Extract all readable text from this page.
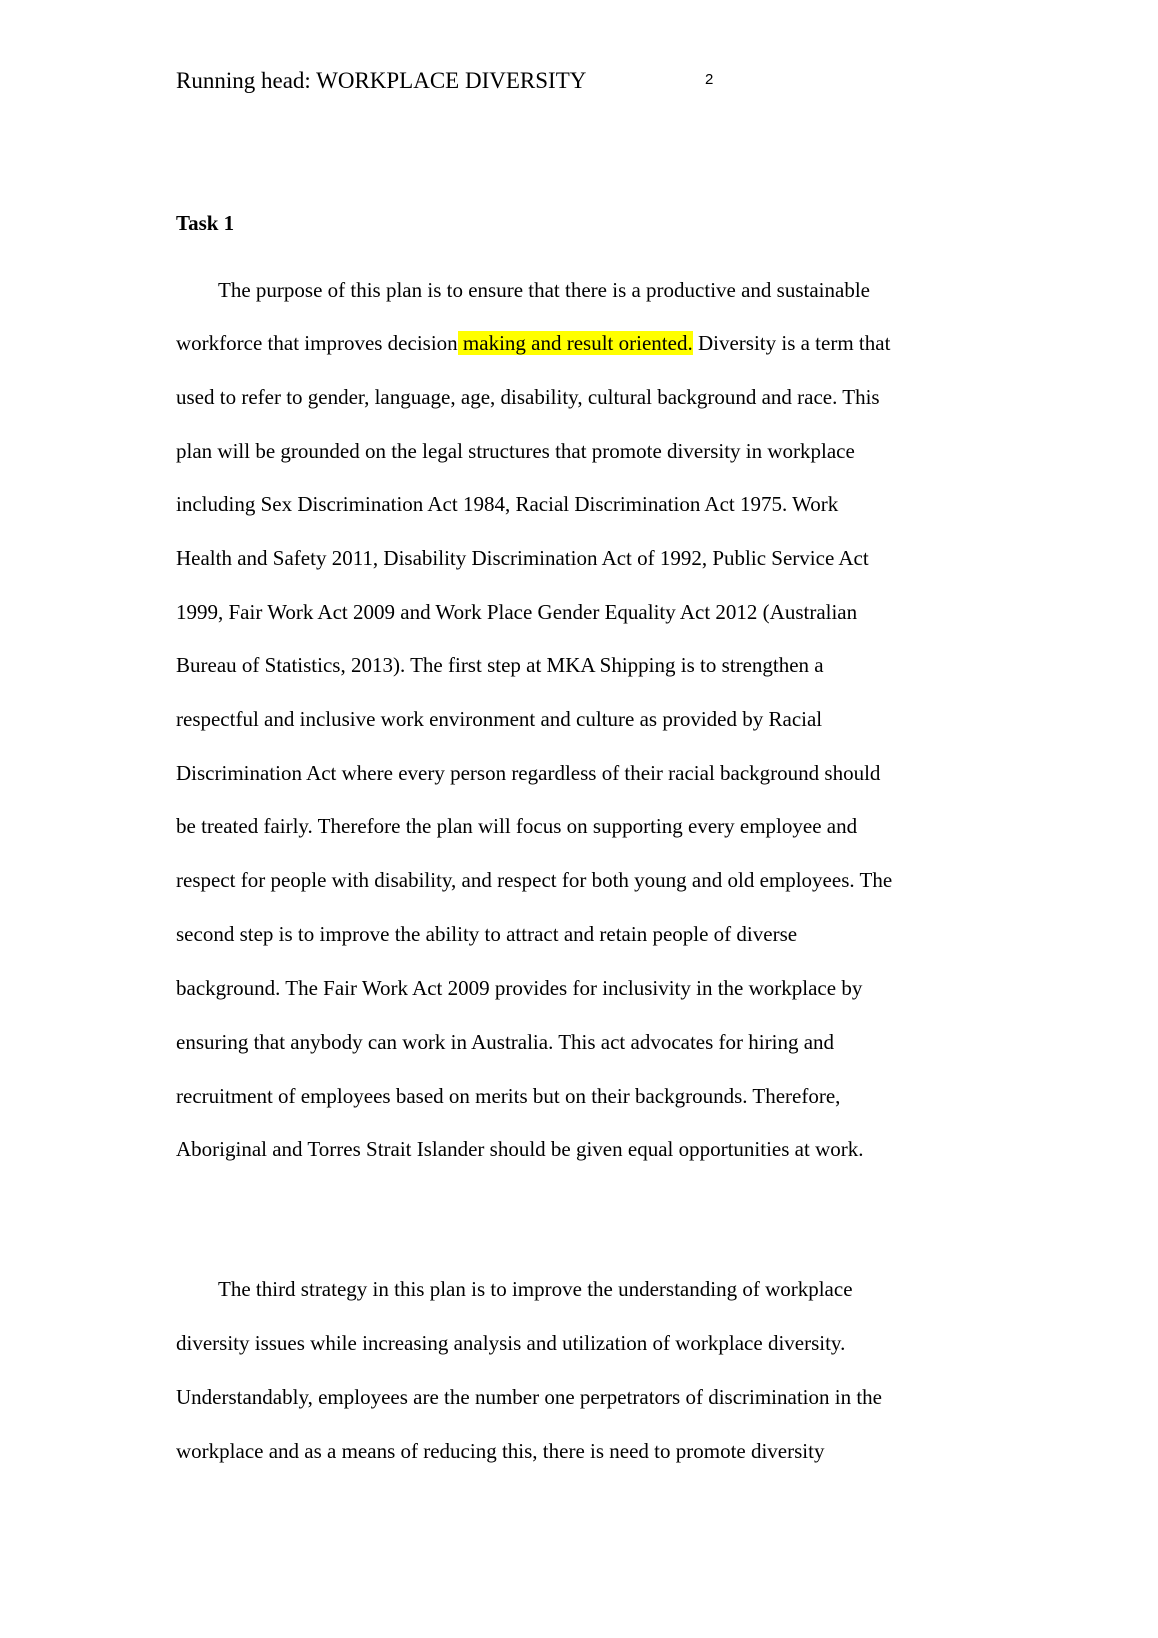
Running head: WORKPLACE DIVERSITY	2
Task 1
The purpose of this plan is to ensure that there is a productive and sustainable
workforce that improves decision making and result oriented. Diversity is a term that
used to refer to gender, language, age, disability, cultural background and race. This
plan will be grounded on the legal structures that promote diversity in workplace
including Sex Discrimination Act 1984, Racial Discrimination Act 1975. Work
Health and Safety 2011, Disability Discrimination Act of 1992, Public Service Act
1999, Fair Work Act 2009 and Work Place Gender Equality Act 2012 (Australian
Bureau of Statistics, 2013). The first step at MKA Shipping is to strengthen a
respectful and inclusive work environment and culture as provided by Racial
Discrimination Act where every person regardless of their racial background should
be treated fairly. Therefore the plan will focus on supporting every employee and
respect for people with disability, and respect for both young and old employees. The
second step is to improve the ability to attract and retain people of diverse
background. The Fair Work Act 2009 provides for inclusivity in the workplace by
ensuring that anybody can work in Australia. This act advocates for hiring and
recruitment of employees based on merits but on their backgrounds. Therefore,
Aboriginal and Torres Strait Islander should be given equal opportunities at work.
The third strategy in this plan is to improve the understanding of workplace
diversity issues while increasing analysis and utilization of workplace diversity.
Understandably, employees are the number one perpetrators of discrimination in the
workplace and as a means of reducing this, there is need to promote diversity
